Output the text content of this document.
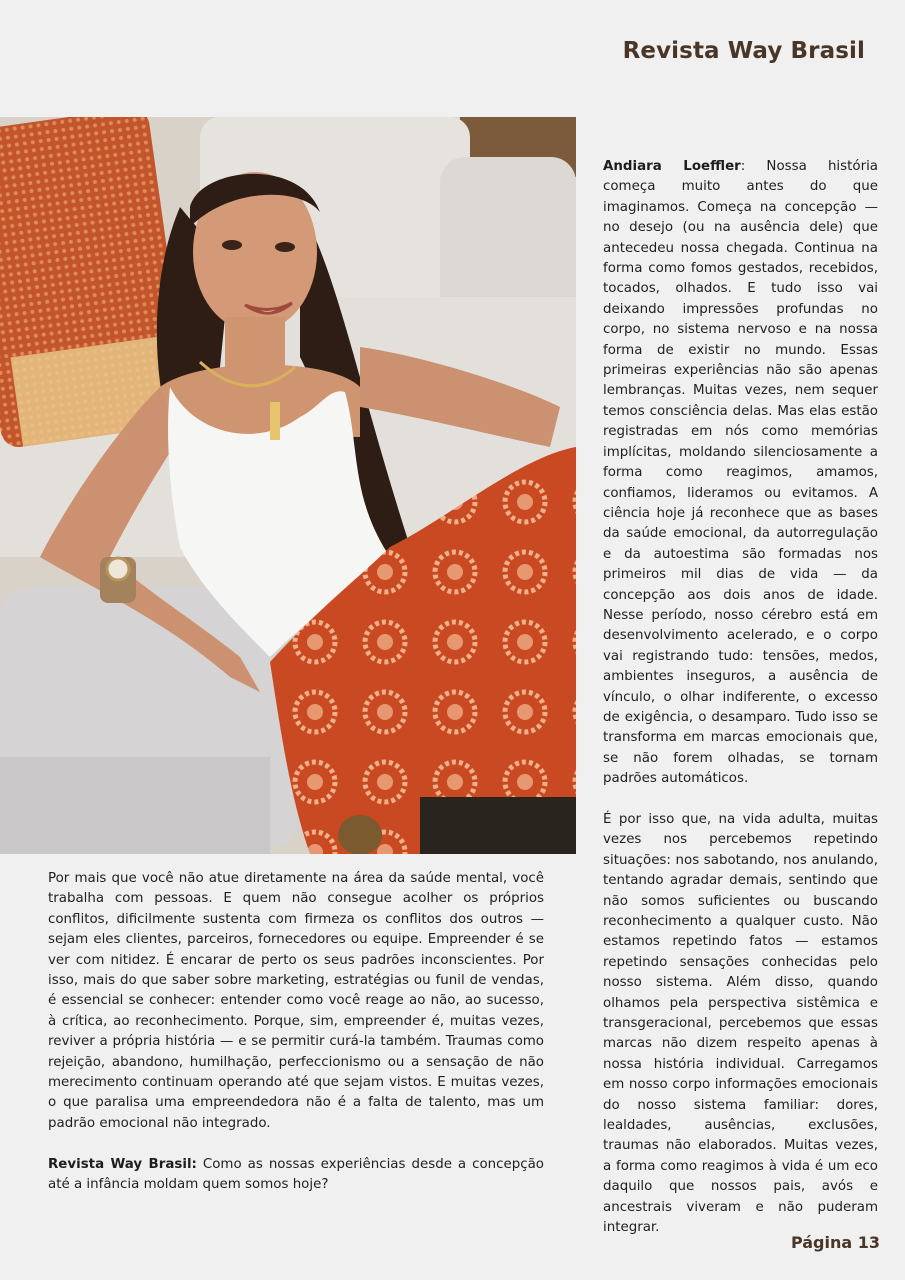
Revista Way Brasil

Andiara Loeffler: Nossa história começa muito antes do que imaginamos. Começa na concepção — no desejo (ou na ausência dele) que antecedeu nossa chegada. Continua na forma como fomos gestados, recebidos, tocados, olhados. E tudo isso vai deixando impressões profundas no corpo, no sistema nervoso e na nossa forma de existir no mundo. Essas primeiras experiências não são apenas lembranças. Muitas vezes, nem sequer temos consciência delas. Mas elas estão registradas em nós como memórias implícitas, moldando silenciosamente a forma como reagimos, amamos, confiamos, lideramos ou evitamos. A ciência hoje já reconhece que as bases da saúde emocional, da autorregulação e da autoestima são formadas nos primeiros mil dias de vida — da concepção aos dois anos de idade. Nesse período, nosso cérebro está em desenvolvimento acelerado, e o corpo vai registrando tudo: tensões, medos, ambientes inseguros, a ausência de vínculo, o olhar indiferente, o excesso de exigência, o desamparo. Tudo isso se transforma em marcas emocionais que, se não forem olhadas, se tornam padrões automáticos.

É por isso que, na vida adulta, muitas vezes nos percebemos repetindo situações: nos sabotando, nos anulando, tentando agradar demais, sentindo que não somos suficientes ou buscando reconhecimento a qualquer custo. Não estamos repetindo fatos — estamos repetindo sensações conhecidas pelo nosso sistema. Além disso, quando olhamos pela perspectiva sistêmica e transgeracional, percebemos que essas marcas não dizem respeito apenas à nossa história individual. Carregamos em nosso corpo informações emocionais do nosso sistema familiar: dores, lealdades, ausências, exclusões, traumas não elaborados. Muitas vezes, a forma como reagimos à vida é um eco daquilo que nossos pais, avós e ancestrais viveram e não puderam integrar.

Por mais que você não atue diretamente na área da saúde mental, você trabalha com pessoas. E quem não consegue acolher os próprios conflitos, dificilmente sustenta com firmeza os conflitos dos outros — sejam eles clientes, parceiros, fornecedores ou equipe. Empreender é se ver com nitidez. É encarar de perto os seus padrões inconscientes. Por isso, mais do que saber sobre marketing, estratégias ou funil de vendas, é essencial se conhecer: entender como você reage ao não, ao sucesso, à crítica, ao reconhecimento. Porque, sim, empreender é, muitas vezes, reviver a própria história — e se permitir curá-la também. Traumas como rejeição, abandono, humilhação, perfeccionismo ou a sensação de não merecimento continuam operando até que sejam vistos. E muitas vezes, o que paralisa uma empreendedora não é a falta de talento, mas um padrão emocional não integrado.

Revista Way Brasil: Como as nossas experiências desde a concepção até a infância moldam quem somos hoje?

Página 13
